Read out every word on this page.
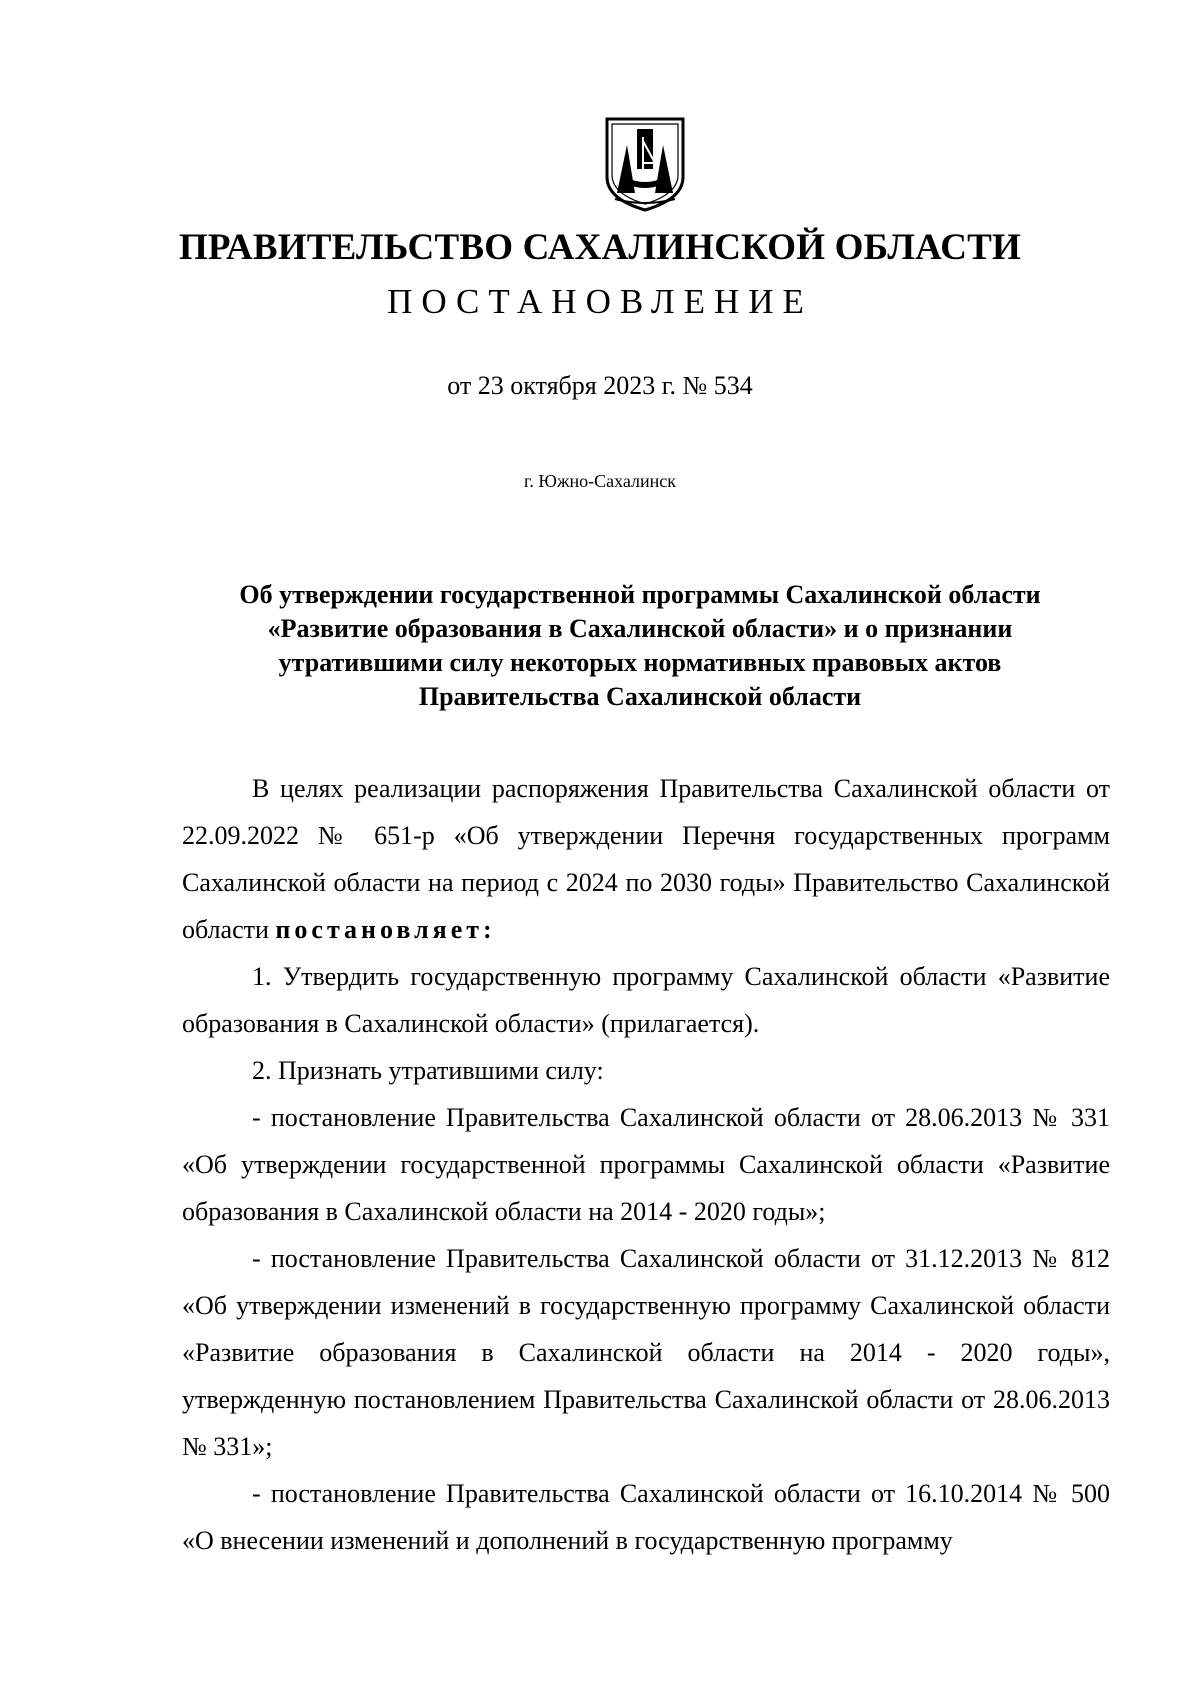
ПРАВИТЕЛЬСТВО САХАЛИНСКОЙ ОБЛАСТИ
ПОСТАНОВЛЕНИЕ
от 23 октября 2023 г. № 534
г. Южно-Сахалинск
Об утверждении государственной программы Сахалинской области
«Развитие образования в Сахалинской области» и о признании
утратившими силу некоторых нормативных правовых актов
Правительства Сахалинской области

В целях реализации распоряжения Правительства Сахалинской области от 22.09.2022 № 651-р «Об утверждении Перечня государственных программ Сахалинской области на период с 2024 по 2030 годы» Правительство Сахалинской области постановляет:

1. Утвердить государственную программу Сахалинской области «Развитие образования в Сахалинской области» (прилагается).

2. Признать утратившими силу:

- постановление Правительства Сахалинской области от 28.06.2013 № 331 «Об утверждении государственной программы Сахалинской области «Развитие образования в Сахалинской области на 2014 - 2020 годы»;

- постановление Правительства Сахалинской области от 31.12.2013 № 812 «Об утверждении изменений в государственную программу Сахалинской области «Развитие образования в Сахалинской области на 2014 - 2020 годы», утвержденную постановлением Правительства Сахалинской области от 28.06.2013 № 331»;

- постановление Правительства Сахалинской области от 16.10.2014 № 500 «О внесении изменений и дополнений в государственную программу
